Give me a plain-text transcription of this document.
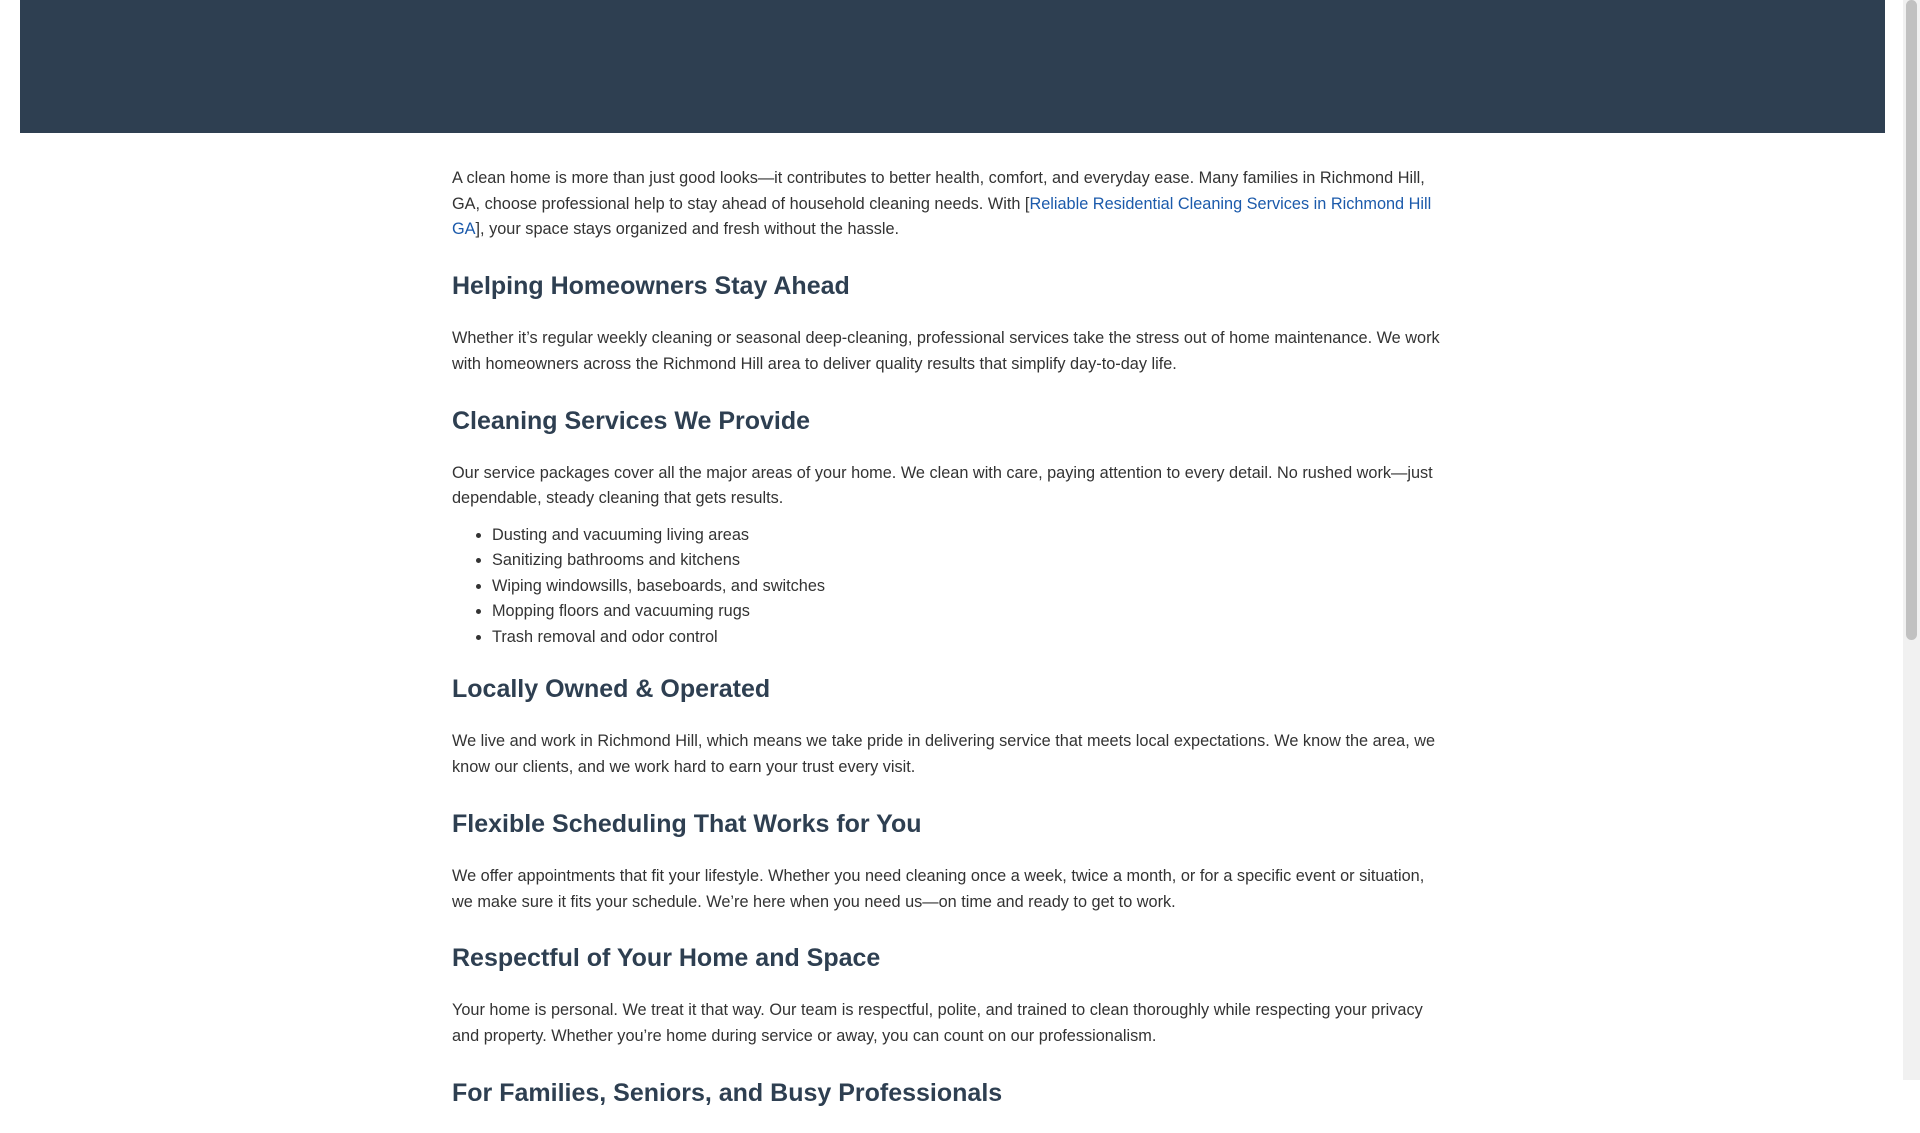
A clean home is more than just good looks—it contributes to better health, comfort, and everyday ease. Many families in Richmond Hill, GA, choose professional help to stay ahead of household cleaning needs. With [Reliable Residential Cleaning Services in Richmond Hill GA], your space stays organized and fresh without the hassle.

Helping Homeowners Stay Ahead

Whether it’s regular weekly cleaning or seasonal deep-cleaning, professional services take the stress out of home maintenance. We work with homeowners across the Richmond Hill area to deliver quality results that simplify day-to-day life.

Cleaning Services We Provide

Our service packages cover all the major areas of your home. We clean with care, paying attention to every detail. No rushed work—just dependable, steady cleaning that gets results.

• Dusting and vacuuming living areas
• Sanitizing bathrooms and kitchens
• Wiping windowsills, baseboards, and switches
• Mopping floors and vacuuming rugs
• Trash removal and odor control
Locally Owned & Operated

We live and work in Richmond Hill, which means we take pride in delivering service that meets local expectations. We know the area, we know our clients, and we work hard to earn your trust every visit.

Flexible Scheduling That Works for You

We offer appointments that fit your lifestyle. Whether you need cleaning once a week, twice a month, or for a specific event or situation, we make sure it fits your schedule. We’re here when you need us—on time and ready to get to work.

Respectful of Your Home and Space

Your home is personal. We treat it that way. Our team is respectful, polite, and trained to clean thoroughly while respecting your privacy and property. Whether you’re home during service or away, you can count on our professionalism.

For Families, Seniors, and Busy Professionals
